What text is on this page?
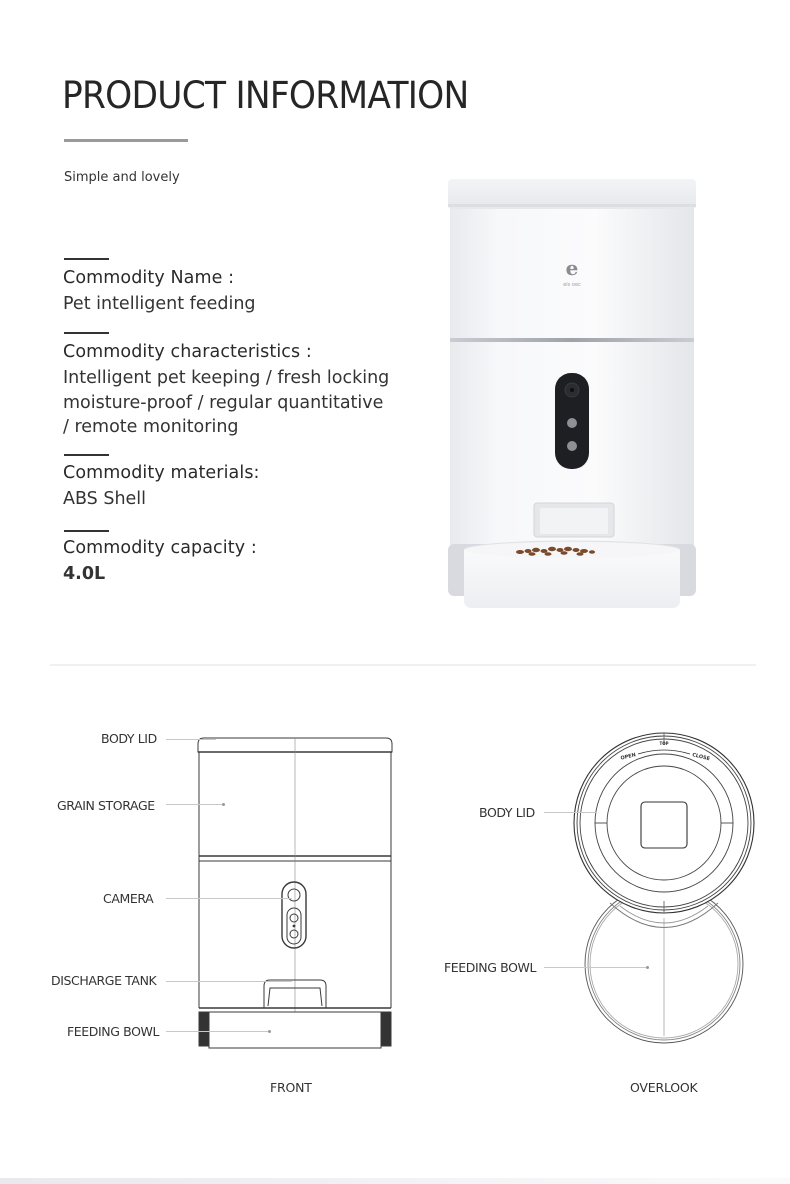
PRODUCT INFORMATION
Simple and lovely
Commodity Name :
Pet intelligent feeding
Commodity characteristics :
Intelligent pet keeping / fresh locking
moisture-proof / regular quantitative
/ remote monitoring
Commodity materials:
ABS Shell
Commodity capacity :
4.0L
e
els oec
BODY LID
GRAIN STORAGE
CAMERA
DISCHARGE TANK
FEEDING BOWL
FRONT
OPEN
TOP
CLOSE
BODY LID
FEEDING BOWL
OVERLOOK
